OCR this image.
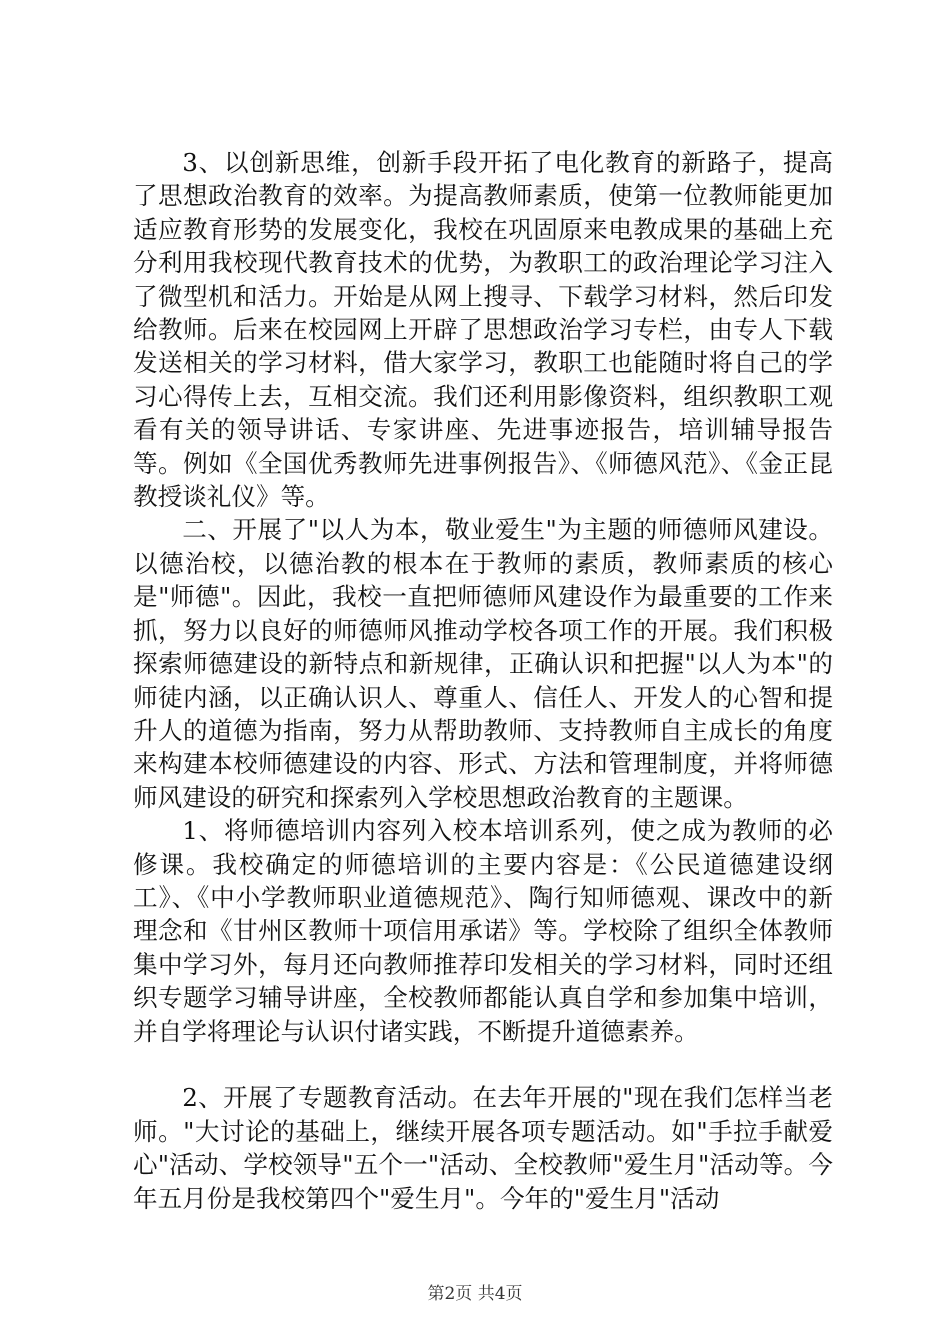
3、以创新思维，创新手段开拓了电化教育的新路子，提高了思想政治教育的效率。为提高教师素质，使第一位教师能更加适应教育形势的发展变化，我校在巩固原来电教成果的基础上充分利用我校现代教育技术的优势，为教职工的政治理论学习注入了微型机和活力。开始是从网上搜寻、下载学习材料，然后印发给教师。后来在校园网上开辟了思想政治学习专栏，由专人下载发送相关的学习材料，借大家学习，教职工也能随时将自己的学习心得传上去，互相交流。我们还利用影像资料，组织教职工观看有关的领导讲话、专家讲座、先进事迹报告，培训辅导报告等。例如《全国优秀教师先进事例报告》、《师德风范》、《金正昆教授谈礼仪》等。

二、开展了"以人为本，敬业爱生"为主题的师德师风建设。以德治校，以德治教的根本在于教师的素质，教师素质的核心是"师德"。因此，我校一直把师德师风建设作为最重要的工作来抓，努力以良好的师德师风推动学校各项工作的开展。我们积极探索师德建设的新特点和新规律，正确认识和把握"以人为本"的师徒内涵，以正确认识人、尊重人、信任人、开发人的心智和提升人的道德为指南，努力从帮助教师、支持教师自主成长的角度来构建本校师德建设的内容、形式、方法和管理制度，并将师德师风建设的研究和探索列入学校思想政治教育的主题课。

1、将师德培训内容列入校本培训系列，使之成为教师的必修课。我校确定的师德培训的主要内容是：《公民道德建设纲工》、《中小学教师职业道德规范》、陶行知师德观、课改中的新理念和《甘州区教师十项信用承诺》等。学校除了组织全体教师集中学习外，每月还向教师推荐印发相关的学习材料，同时还组织专题学习辅导讲座，全校教师都能认真自学和参加集中培训，并自学将理论与认识付诸实践，不断提升道德素养。

2、开展了专题教育活动。在去年开展的"现在我们怎样当老师。"大讨论的基础上，继续开展各项专题活动。如"手拉手献爱心"活动、学校领导"五个一"活动、全校教师"爱生月"活动等。今年五月份是我校第四个"爱生月"。今年的"爱生月"活动

第2页 共4页
